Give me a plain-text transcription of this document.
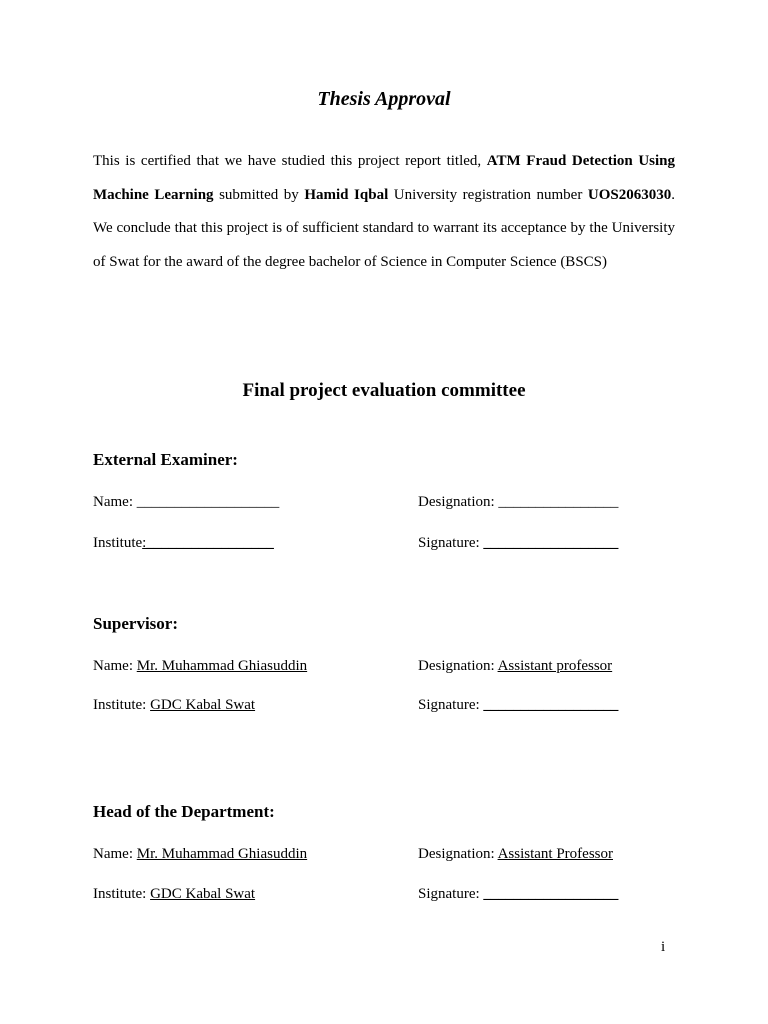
Thesis Approval
This is certified that we have studied this project report titled, ATM Fraud Detection Using Machine Learning submitted by Hamid Iqbal University registration number UOS2063030. We conclude that this project is of sufficient standard to warrant its acceptance by the University of Swat for the award of the degree bachelor of Science in Computer Science (BSCS)
Final project evaluation committee
External Examiner:
Name: ___________________	Designation: ________________
Institute:_________________	Signature: __________________
Supervisor:
Name: Mr. Muhammad Ghiasuddin	Designation: Assistant professor
Institute: GDC Kabal Swat	Signature: __________________
Head of the Department:
Name: Mr. Muhammad Ghiasuddin	Designation: Assistant Professor
Institute: GDC Kabal Swat	Signature: __________________
i
